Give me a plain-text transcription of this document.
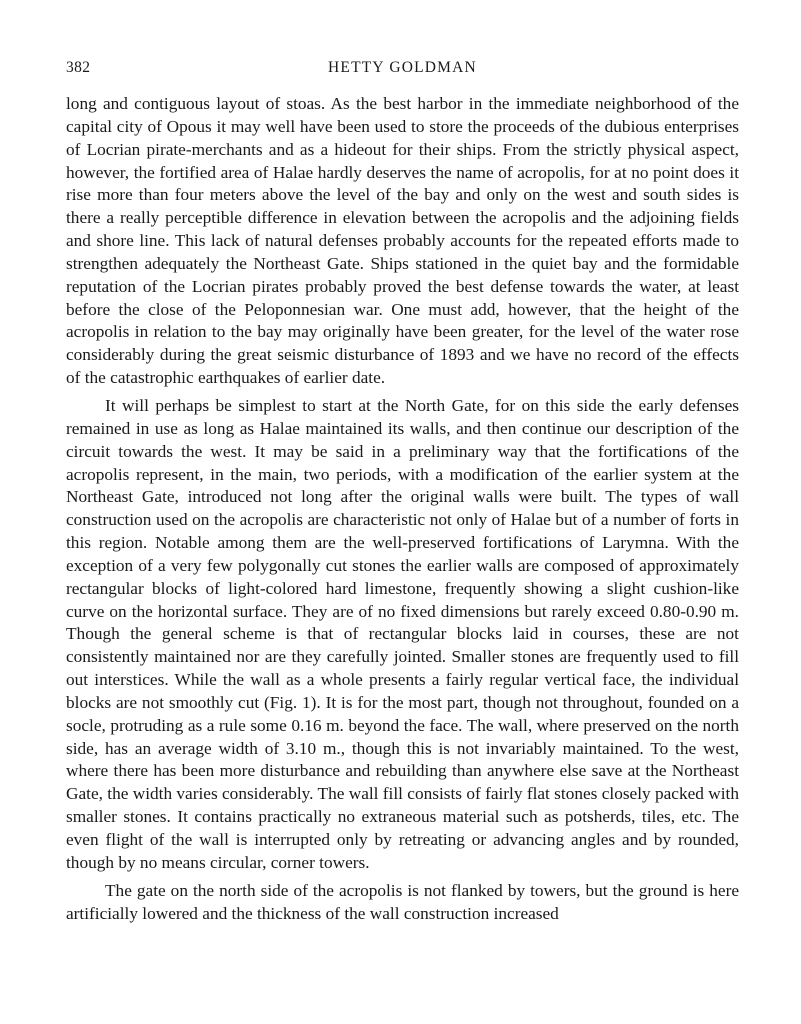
382	HETTY GOLDMAN

long and contiguous layout of stoas. As the best harbor in the immediate neighborhood of the capital city of Opous it may well have been used to store the proceeds of the dubious enterprises of Locrian pirate-merchants and as a hideout for their ships. From the strictly physical aspect, however, the fortified area of Halae hardly deserves the name of acropolis, for at no point does it rise more than four meters above the level of the bay and only on the west and south sides is there a really perceptible difference in elevation between the acropolis and the adjoining fields and shore line. This lack of natural defenses probably accounts for the repeated efforts made to strengthen adequately the Northeast Gate. Ships stationed in the quiet bay and the formidable reputation of the Locrian pirates probably proved the best defense towards the water, at least before the close of the Peloponnesian war. One must add, however, that the height of the acropolis in relation to the bay may originally have been greater, for the level of the water rose considerably during the great seismic disturbance of 1893 and we have no record of the effects of the catastrophic earthquakes of earlier date.

It will perhaps be simplest to start at the North Gate, for on this side the early defenses remained in use as long as Halae maintained its walls, and then continue our description of the circuit towards the west. It may be said in a preliminary way that the fortifications of the acropolis represent, in the main, two periods, with a modification of the earlier system at the Northeast Gate, introduced not long after the original walls were built. The types of wall construction used on the acropolis are characteristic not only of Halae but of a number of forts in this region. Notable among them are the well-preserved fortifications of Larymna. With the exception of a very few polygonally cut stones the earlier walls are composed of approximately rectangular blocks of light-colored hard limestone, frequently showing a slight cushion-like curve on the horizontal surface. They are of no fixed dimensions but rarely exceed 0.80-0.90 m. Though the general scheme is that of rectangular blocks laid in courses, these are not consistently maintained nor are they carefully jointed. Smaller stones are frequently used to fill out interstices. While the wall as a whole presents a fairly regular vertical face, the individual blocks are not smoothly cut (Fig. 1). It is for the most part, though not throughout, founded on a socle, protruding as a rule some 0.16 m. beyond the face. The wall, where preserved on the north side, has an average width of 3.10 m., though this is not invariably maintained. To the west, where there has been more disturbance and rebuilding than anywhere else save at the Northeast Gate, the width varies considerably. The wall fill consists of fairly flat stones closely packed with smaller stones. It contains practically no extraneous material such as potsherds, tiles, etc. The even flight of the wall is interrupted only by retreating or advancing angles and by rounded, though by no means circular, corner towers.

The gate on the north side of the acropolis is not flanked by towers, but the ground is here artificially lowered and the thickness of the wall construction increased
